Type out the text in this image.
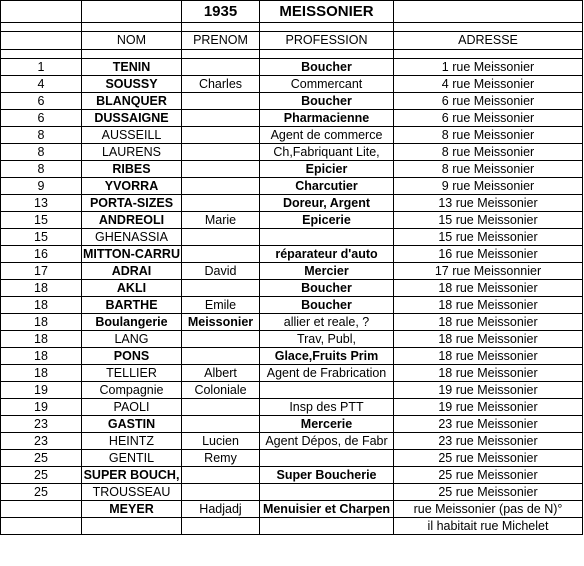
		1935	MEISSONIER	

	NOM	PRENOM	PROFESSION	ADRESSE

1	TENIN		Boucher	1 rue Meissonier
4	SOUSSY	Charles	Commercant	4 rue Meissonier
6	BLANQUER		Boucher	6 rue Meissonier
6	DUSSAIGNE		Pharmacienne	6 rue Meissonier
8	AUSSEILL		Agent de commerce	8 rue Meissonier
8	LAURENS		Ch,Fabriquant Lite,	8 rue Meissonier
8	RIBES		Epicier	8 rue Meissonier
9	YVORRA		Charcutier	9 rue Meissonier
13	PORTA-SIZES		Doreur, Argent	13 rue Meissonier
15	ANDREOLI	Marie	Epicerie	15 rue Meissonier
15	GHENASSIA			15 rue Meissonier
16	MITTON-CARRU		réparateur d'auto	16 rue Meissonier
17	ADRAI	David	Mercier	17 rue Meissonnier
18	AKLI		Boucher	18 rue Meissonier
18	BARTHE	Emile	Boucher	18 rue Meissonier
18	Boulangerie	Meissonier	allier et reale, ?	18 rue Meissonier
18	LANG		Trav, Publ,	18 rue Meissonier
18	PONS		Glace,Fruits Prim	18 rue Meissonier
18	TELLIER	Albert	Agent de Frabrication	18 rue Meissonier
19	Compagnie	Coloniale		19 rue Meissonier
19	PAOLI		Insp des PTT	19 rue Meissonier
23	GASTIN		Mercerie	23 rue Meissonier
23	HEINTZ	Lucien	Agent Dépos, de Fabr	23 rue Meissonier
25	GENTIL	Remy		25 rue Meissonier
25	SUPER BOUCH,		Super Boucherie	25 rue Meissonier
25	TROUSSEAU			25 rue Meissonier
	MEYER	Hadjadj	Menuisier et Charpen	rue Meissonier (pas de N)°
				il habitait rue Michelet
